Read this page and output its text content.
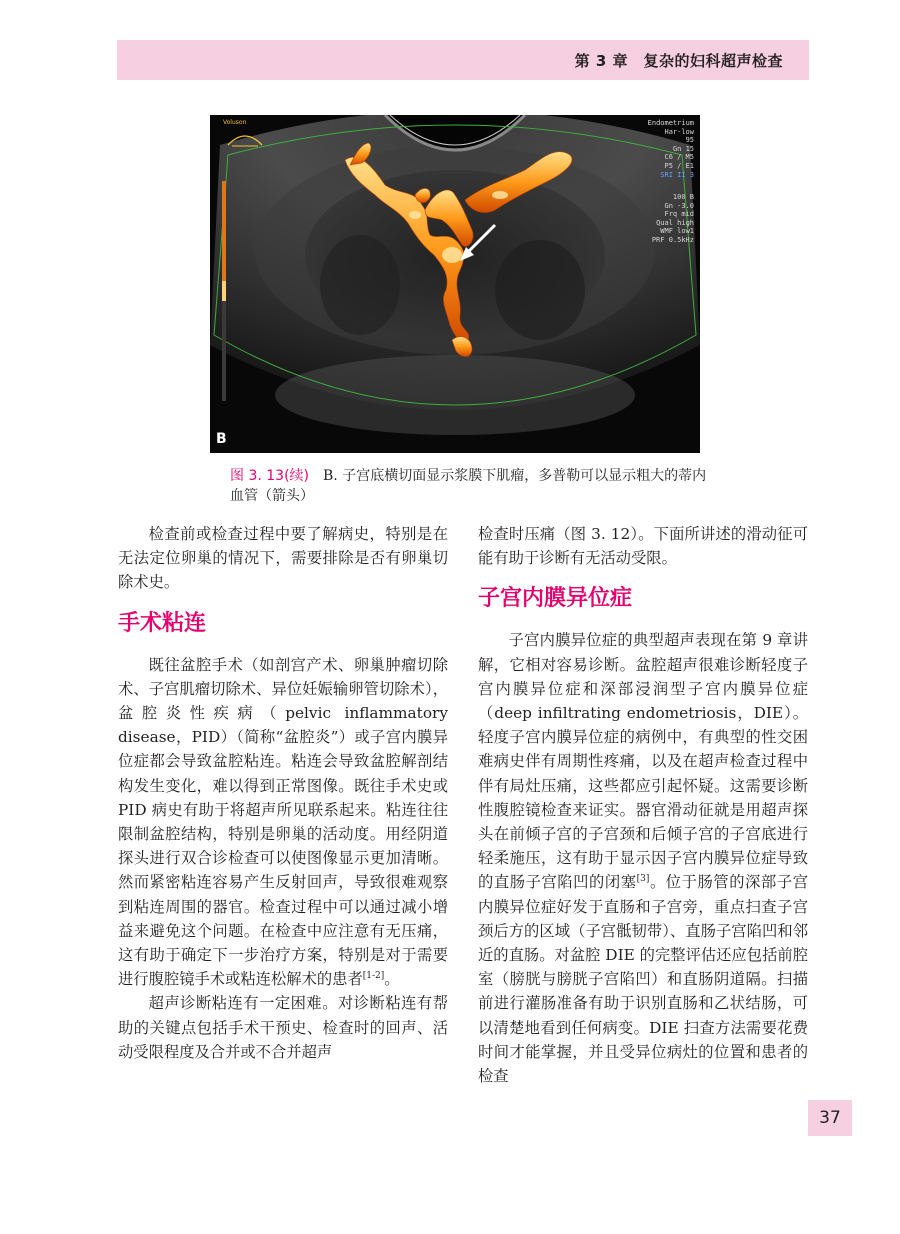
第 3 章　复杂的妇科超声检查
Endometrium
Har-low
95
Gn 15
C6 / M5
P5 / E1
SRI II 3
100 B
Gn -3.0
Frq mid
Qual high
WMF low1
PRF 0.5kHz
Voluson
B
图 3. 13(续) B. 子宫底横切面显示浆膜下肌瘤，多普勒可以显示粗大的蒂内血管（箭头）

检查前或检查过程中要了解病史，特别是在无法定位卵巢的情况下，需要排除是否有卵巢切除术史。

手术粘连

既往盆腔手术（如剖宫产术、卵巢肿瘤切除术、子宫肌瘤切除术、异位妊娠输卵管切除术），盆腔炎性疾病（pelvic inflammatory disease，PID）（简称“盆腔炎”）或子宫内膜异位症都会导致盆腔粘连。粘连会导致盆腔解剖结构发生变化，难以得到正常图像。既往手术史或 PID 病史有助于将超声所见联系起来。粘连往往限制盆腔结构，特别是卵巢的活动度。用经阴道探头进行双合诊检查可以使图像显示更加清晰。然而紧密粘连容易产生反射回声，导致很难观察到粘连周围的器官。检查过程中可以通过减小增益来避免这个问题。在检查中应注意有无压痛，这有助于确定下一步治疗方案，特别是对于需要进行腹腔镜手术或粘连松解术的患者[1-2]。

超声诊断粘连有一定困难。对诊断粘连有帮助的关键点包括手术干预史、检查时的回声、活动受限程度及合并或不合并超声

检查时压痛（图 3. 12）。下面所讲述的滑动征可能有助于诊断有无活动受限。

子宫内膜异位症

子宫内膜异位症的典型超声表现在第 9 章讲解，它相对容易诊断。盆腔超声很难诊断轻度子宫内膜异位症和深部浸润型子宫内膜异位症（deep infiltrating endometriosis，DIE）。轻度子宫内膜异位症的病例中，有典型的性交困难病史伴有周期性疼痛，以及在超声检查过程中伴有局灶压痛，这些都应引起怀疑。这需要诊断性腹腔镜检查来证实。器官滑动征就是用超声探头在前倾子宫的子宫颈和后倾子宫的子宫底进行轻柔施压，这有助于显示因子宫内膜异位症导致的直肠子宫陷凹的闭塞[3]。位于肠管的深部子宫内膜异位症好发于直肠和子宫旁，重点扫查子宫颈后方的区域（子宫骶韧带）、直肠子宫陷凹和邻近的直肠。对盆腔 DIE 的完整评估还应包括前腔室（膀胱与膀胱子宫陷凹）和直肠阴道隔。扫描前进行灌肠准备有助于识别直肠和乙状结肠，可以清楚地看到任何病变。DIE 扫查方法需要花费时间才能掌握，并且受异位病灶的位置和患者的检查

37
